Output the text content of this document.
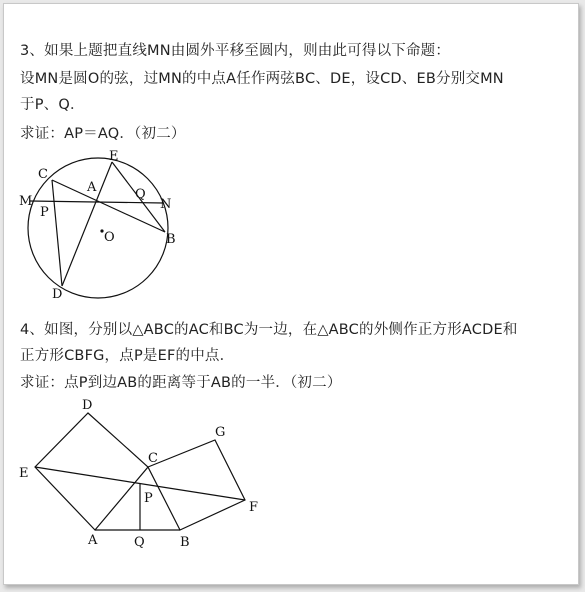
3、如果上题把直线MN由圆外平移至圆内，则由此可得以下命题：
设MN是圆O的弦，过MN的中点A任作两弦BC、DE，设CD、EB分别交MN
于P、Q．
求证：AP＝AQ．（初二）
E
C
A	Q
M
P
N
O	B
D
D
G
C
E
P
F
A	Q	B
4、如图，分别以△ABC的AC和BC为一边，在△ABC的外侧作正方形ACDE和
正方形CBFG，点P是EF的中点．
求证：点P到边AB的距离等于AB的一半．（初二）
